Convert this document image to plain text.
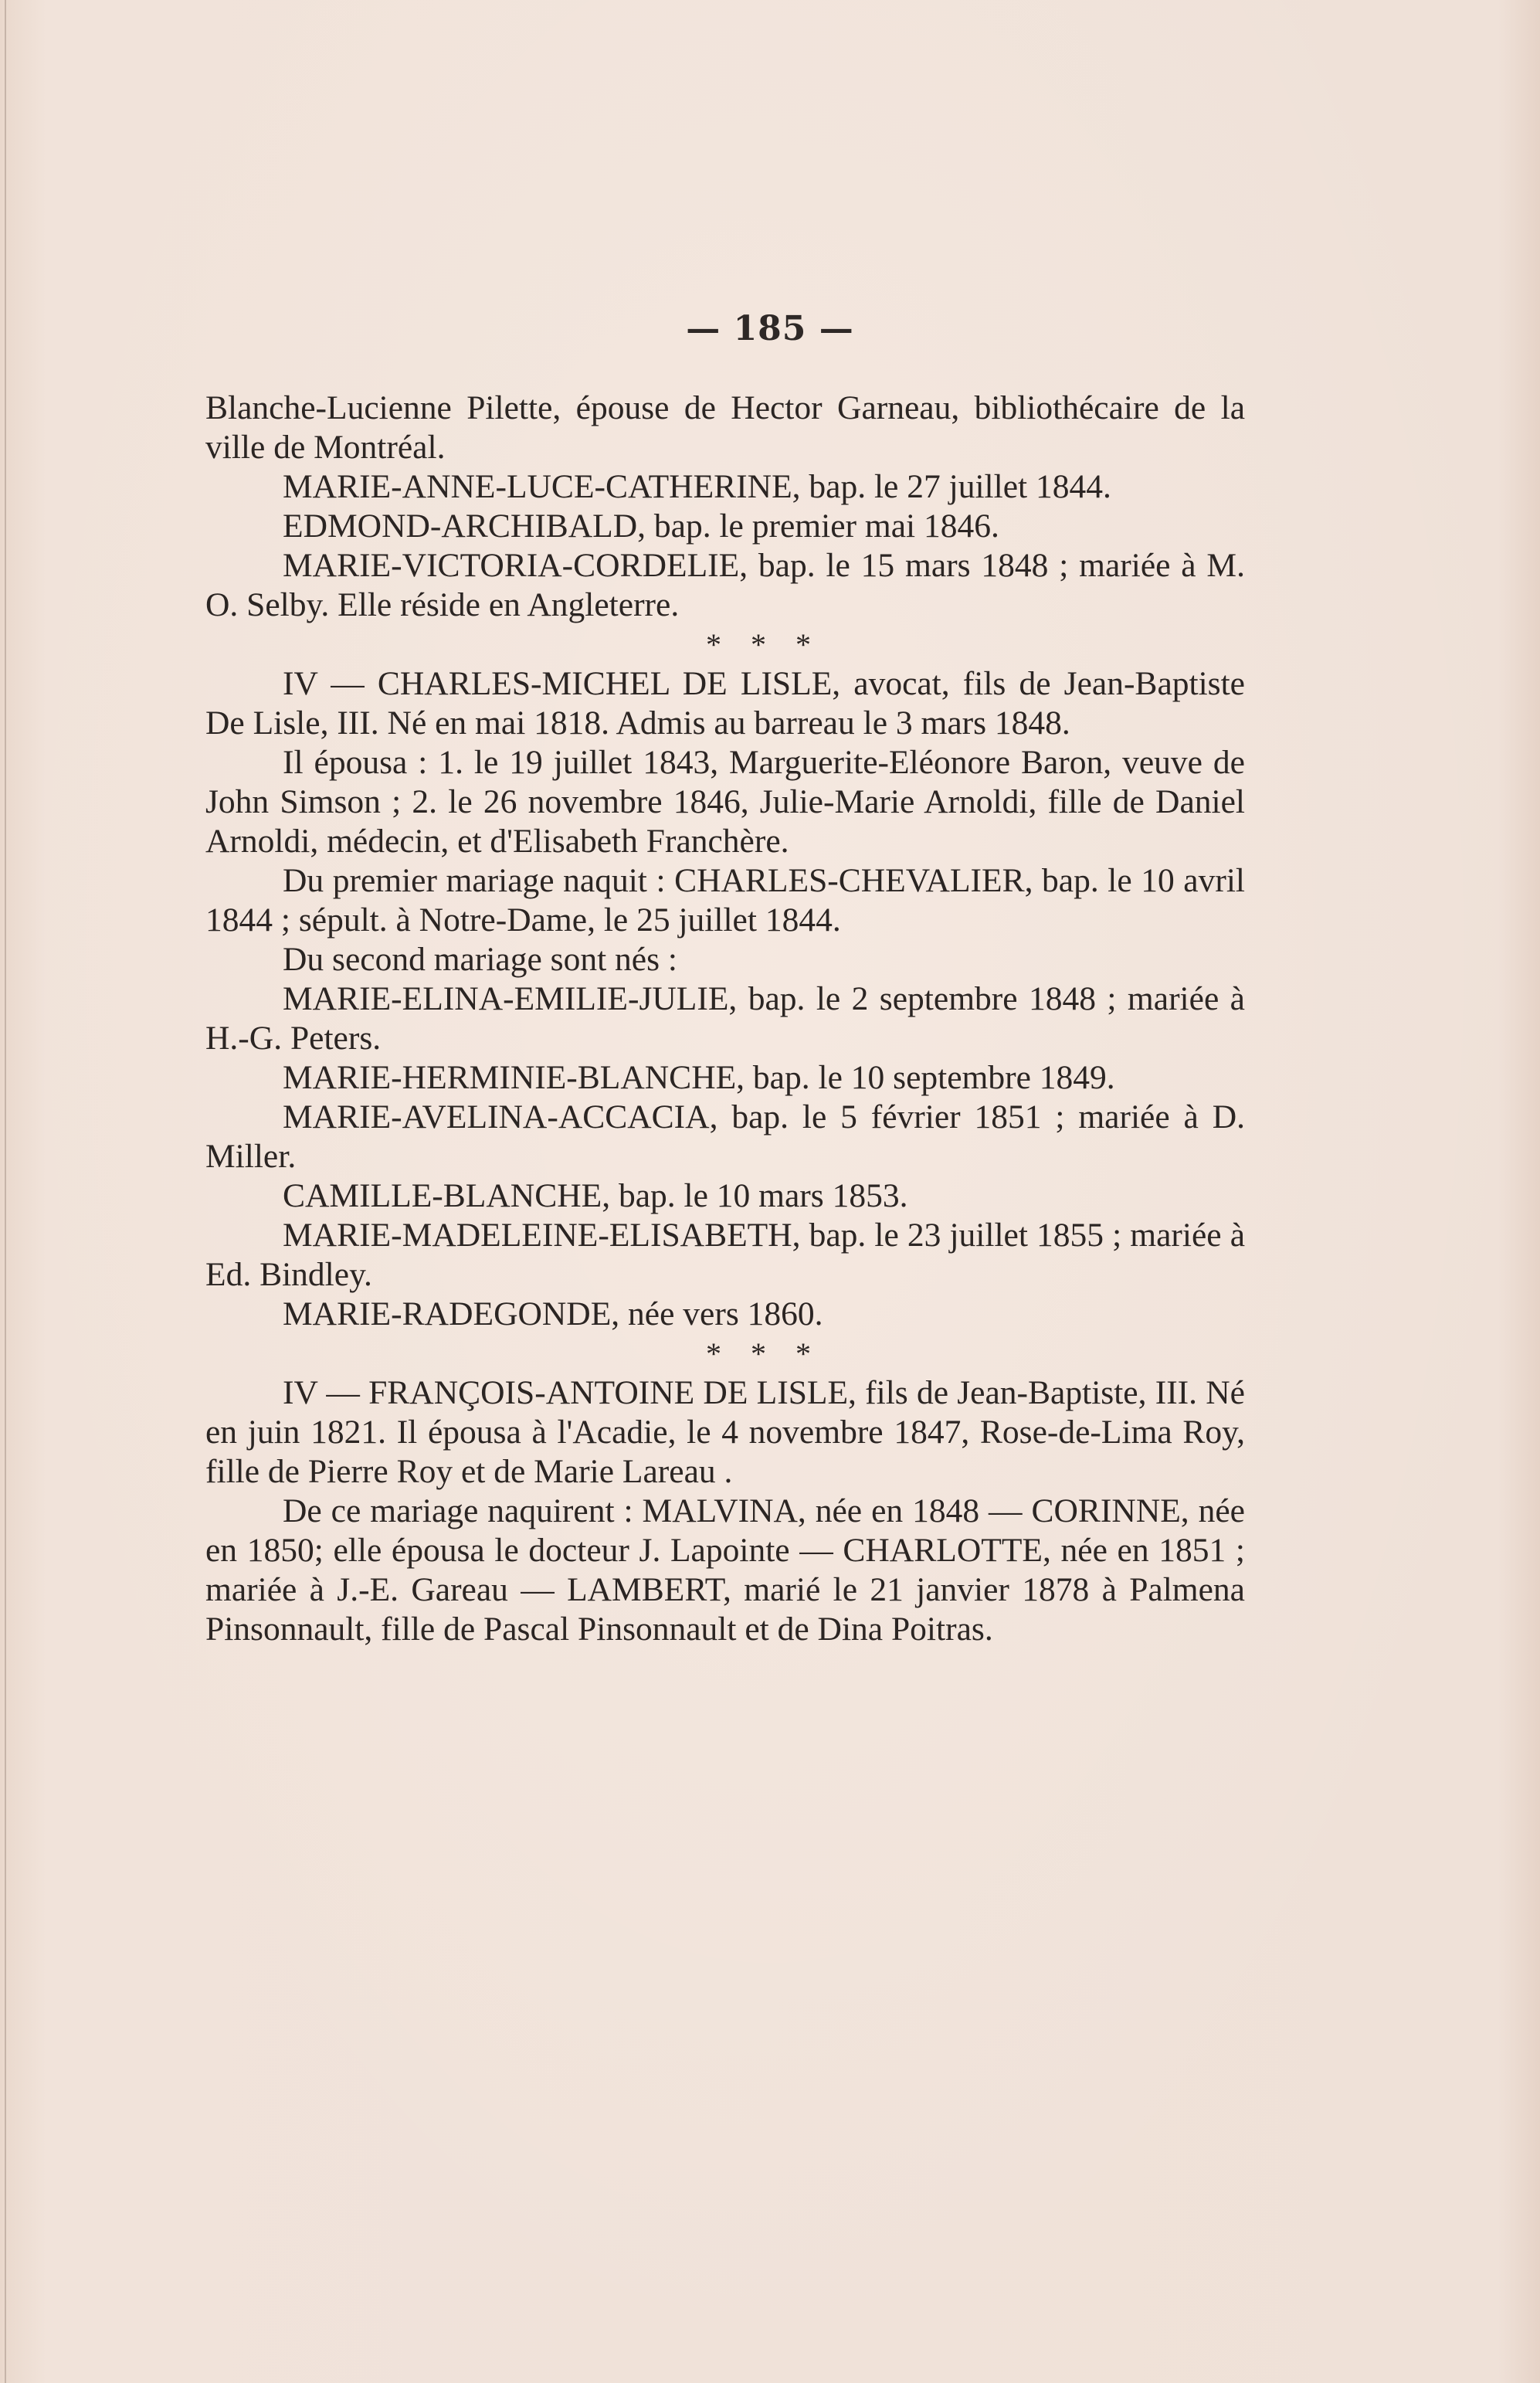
— 185 —

Blanche-Lucienne Pilette, épouse de Hector Garneau, bibliothécaire de la ville de Montréal.

MARIE-ANNE-LUCE-CATHERINE, bap. le 27 juillet 1844.

EDMOND-ARCHIBALD, bap. le premier mai 1846.

MARIE-VICTORIA-CORDELIE, bap. le 15 mars 1848 ; mariée à M. O. Selby. Elle réside en Angleterre.

* * *

IV — CHARLES-MICHEL DE LISLE, avocat, fils de Jean-Baptiste De Lisle, III. Né en mai 1818. Admis au barreau le 3 mars 1848.

Il épousa : 1. le 19 juillet 1843, Marguerite-Eléonore Baron, veuve de John Simson ; 2. le 26 novembre 1846, Julie-Marie Arnoldi, fille de Daniel Arnoldi, médecin, et d'Elisabeth Franchère.

Du premier mariage naquit : CHARLES-CHEVALIER, bap. le 10 avril 1844 ; sépult. à Notre-Dame, le 25 juillet 1844.

Du second mariage sont nés :

MARIE-ELINA-EMILIE-JULIE, bap. le 2 septembre 1848 ; mariée à H.-G. Peters.

MARIE-HERMINIE-BLANCHE, bap. le 10 septembre 1849.

MARIE-AVELINA-ACCACIA, bap. le 5 février 1851 ; mariée à D. Miller.

CAMILLE-BLANCHE, bap. le 10 mars 1853.

MARIE-MADELEINE-ELISABETH, bap. le 23 juillet 1855 ; mariée à Ed. Bindley.

MARIE-RADEGONDE, née vers 1860.

* * *

IV — FRANÇOIS-ANTOINE DE LISLE, fils de Jean-Baptiste, III. Né en juin 1821. Il épousa à l'Acadie, le 4 novembre 1847, Rose-de-Lima Roy, fille de Pierre Roy et de Marie Lareau .

De ce mariage naquirent : MALVINA, née en 1848 — CORINNE, née en 1850; elle épousa le docteur J. Lapointe — CHARLOTTE, née en 1851 ; mariée à J.-E. Gareau — LAMBERT, marié le 21 janvier 1878 à Palmena Pinsonnault, fille de Pascal Pinsonnault et de Dina Poitras.
